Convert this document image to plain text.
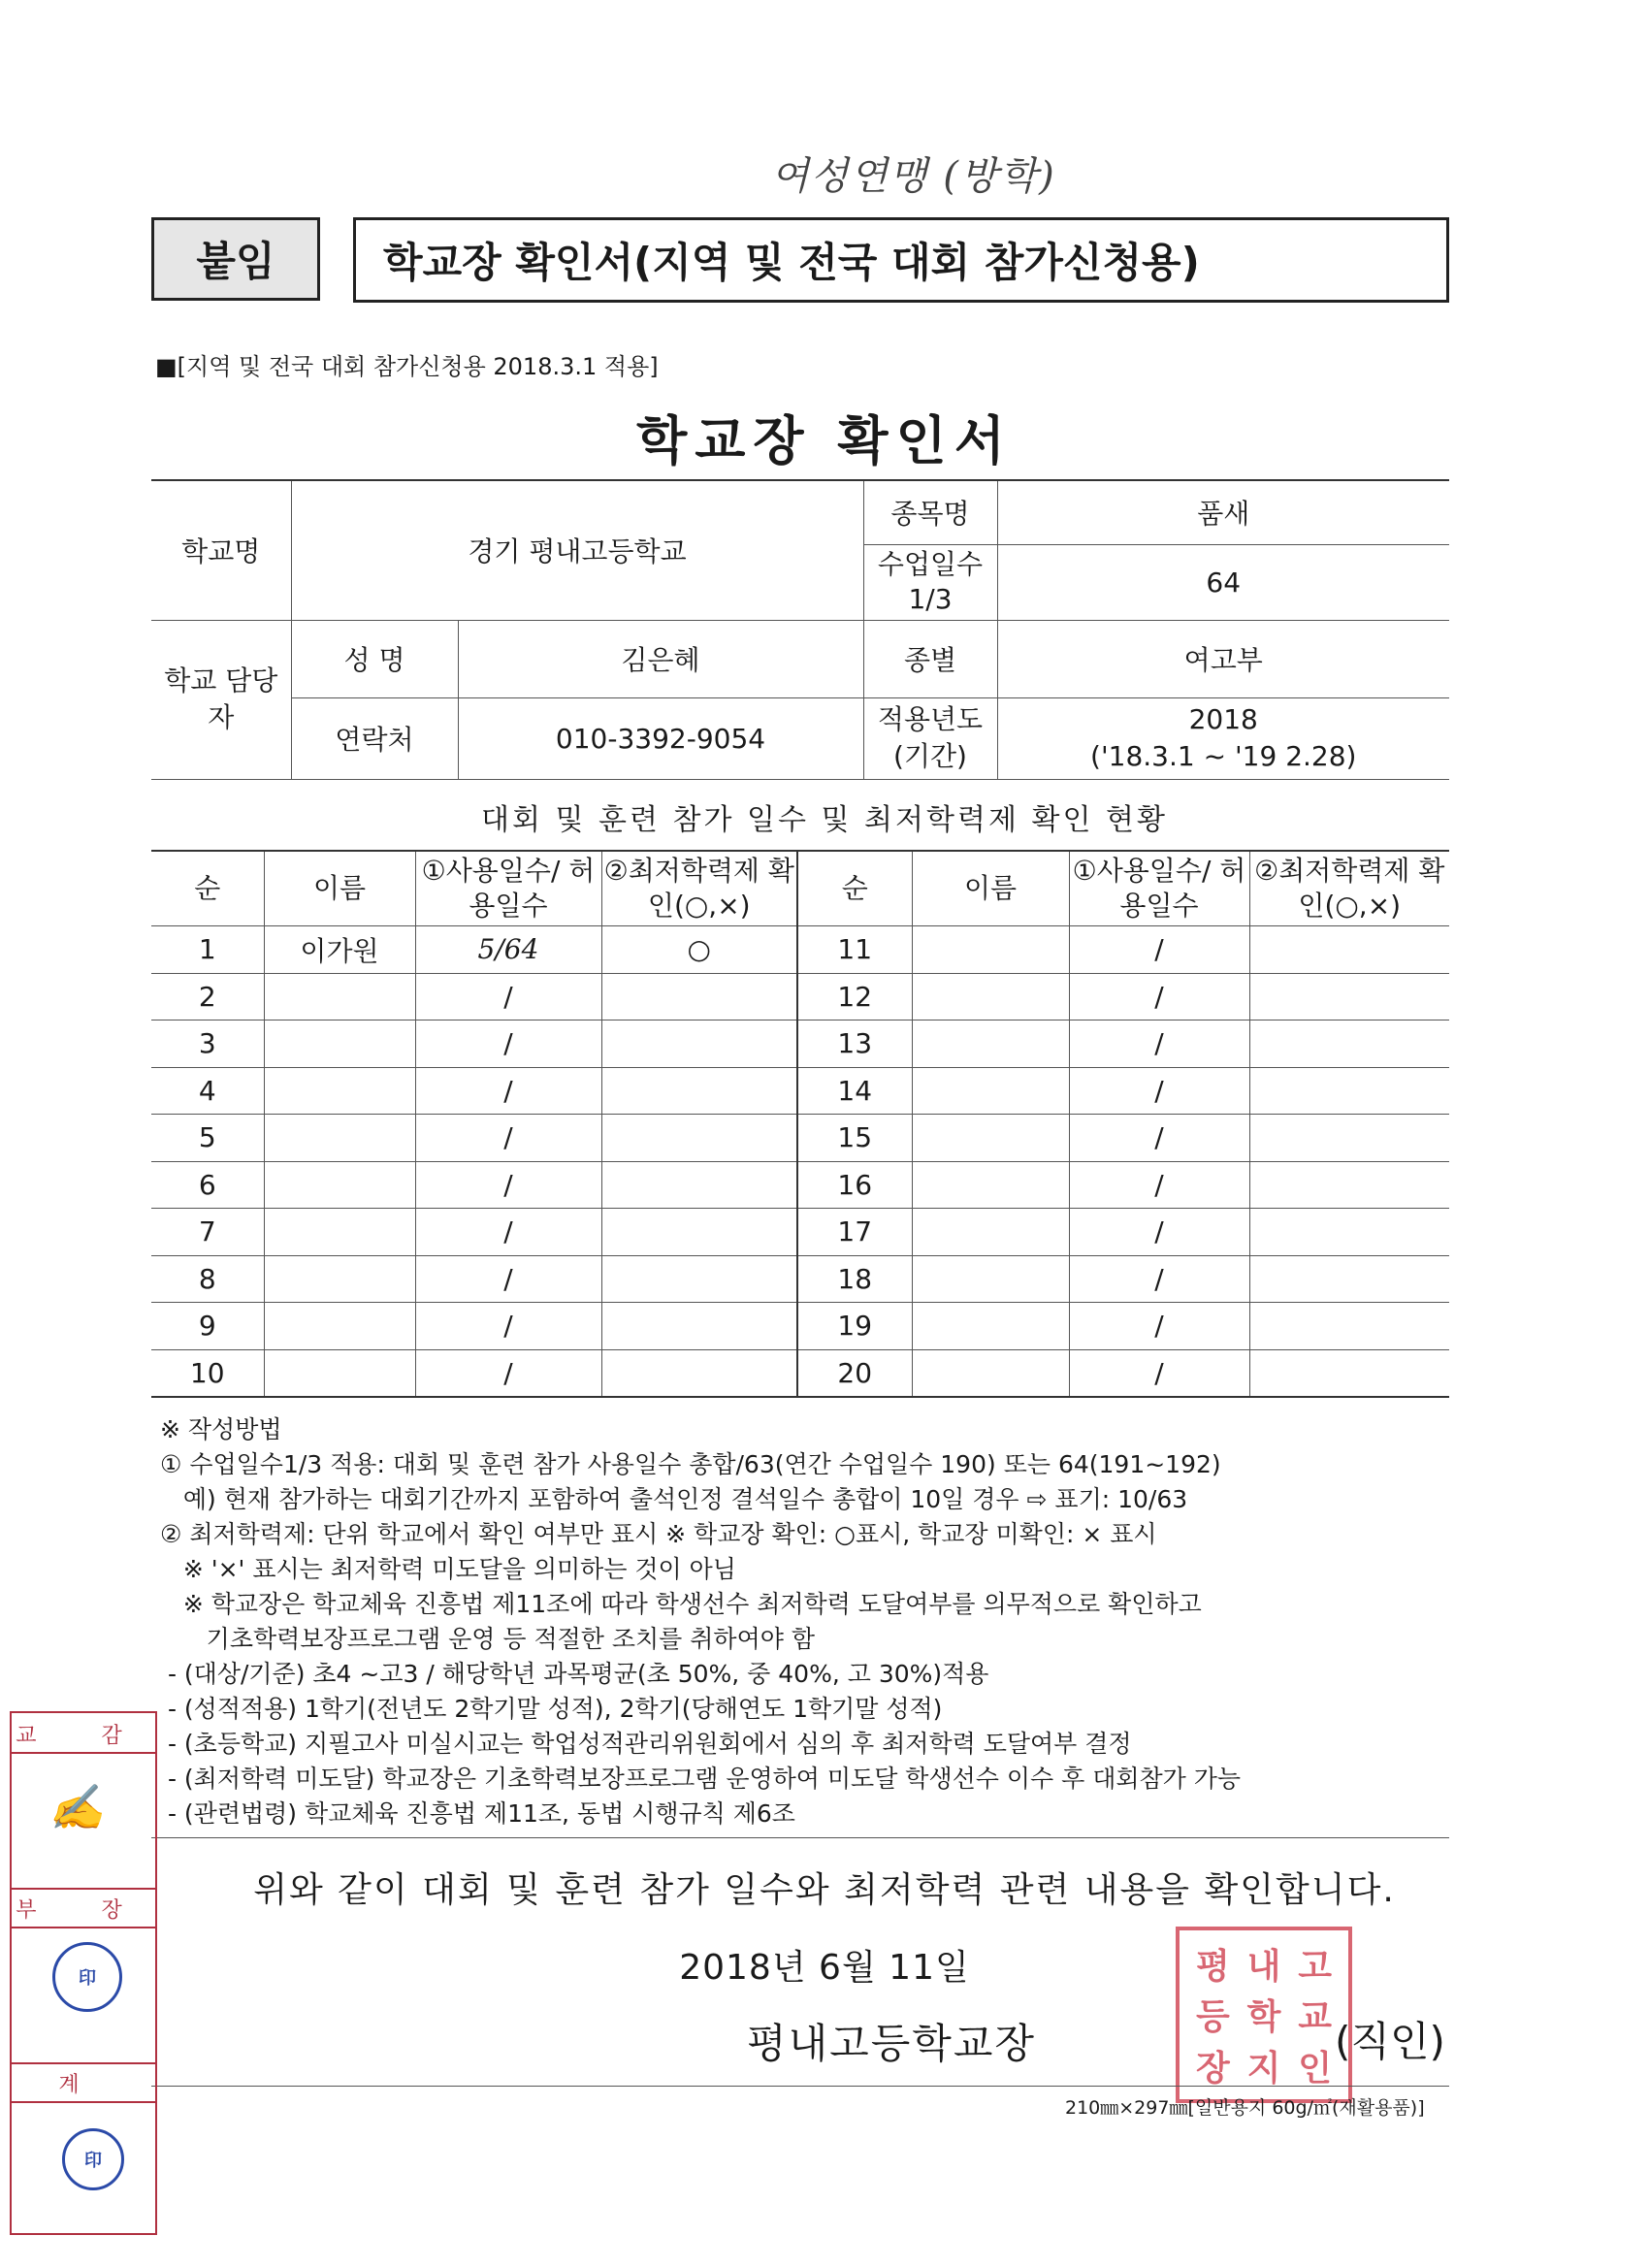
여성연맹 (방학)
붙임	학교장 확인서(지역 및 전국 대회 참가신청용)
■[지역 및 전국 대회 참가신청용 2018.3.1 적용]
학교장 확인서
학교명	경기 평내고등학교		종목명	품새
			수업일수 1/3	64
학교 담당자	성 명	김은혜	종별	여고부
	연락처	010-3392-9054	적용년도 (기간)	2018
('18.3.1 ~ '19 2.28)
대회 및 훈련 참가 일수 및 최저학력제 확인 현황
순	이름	①사용일수/ 허용일수	②최저학력제 확인(○,×)	순	이름	①사용일수/ 허용일수	②최저학력제 확인(○,×)
1	이가원	5/64	○	11		/	
2		/		12		/	
3		/		13		/	
4		/		14		/	
5		/		15		/	
6		/		16		/	
7		/		17		/	
8		/		18		/	
9		/		19		/	
10		/		20		/	
※ 작성방법
① 수업일수1/3 적용: 대회 및 훈련 참가 사용일수 총합/63(연간 수업일수 190) 또는 64(191~192)
예) 현재 참가하는 대회기간까지 포함하여 출석인정 결석일수 총합이 10일 경우 ⇨ 표기: 10/63
② 최저학력제: 단위 학교에서 확인 여부만 표시 ※ 학교장 확인: ○표시, 학교장 미확인: × 표시
※ '×' 표시는 최저학력 미도달을 의미하는 것이 아님
※ 학교장은 학교체육 진흥법 제11조에 따라 학생선수 최저학력 도달여부를 의무적으로 확인하고
기초학력보장프로그램 운영 등 적절한 조치를 취하여야 함
- (대상/기준) 초4 ~고3 / 해당학년 과목평균(초 50%, 중 40%, 고 30%)적용
- (성적적용) 1학기(전년도 2학기말 성적), 2학기(당해연도 1학기말 성적)
- (초등학교) 지필고사 미실시교는 학업성적관리위원회에서 심의 후 최저학력 도달여부 결정
- (최저학력 미도달) 학교장은 기초학력보장프로그램 운영하여 미도달 학생선수 이수 후 대회참가 가능
- (관련법령) 학교체육 진흥법 제11조, 동법 시행규칙 제6조
위와 같이 대회 및 훈련 참가 일수와 최저학력 관련 내용을 확인합니다.
2018년 6월 11일
평내고등학교장	(직인)
평 내 고
등 학 교
장 지 인
210㎜×297㎜[일반용지 60g/㎡(재활용품)]
교 감
✍
부 장
印
계
印
